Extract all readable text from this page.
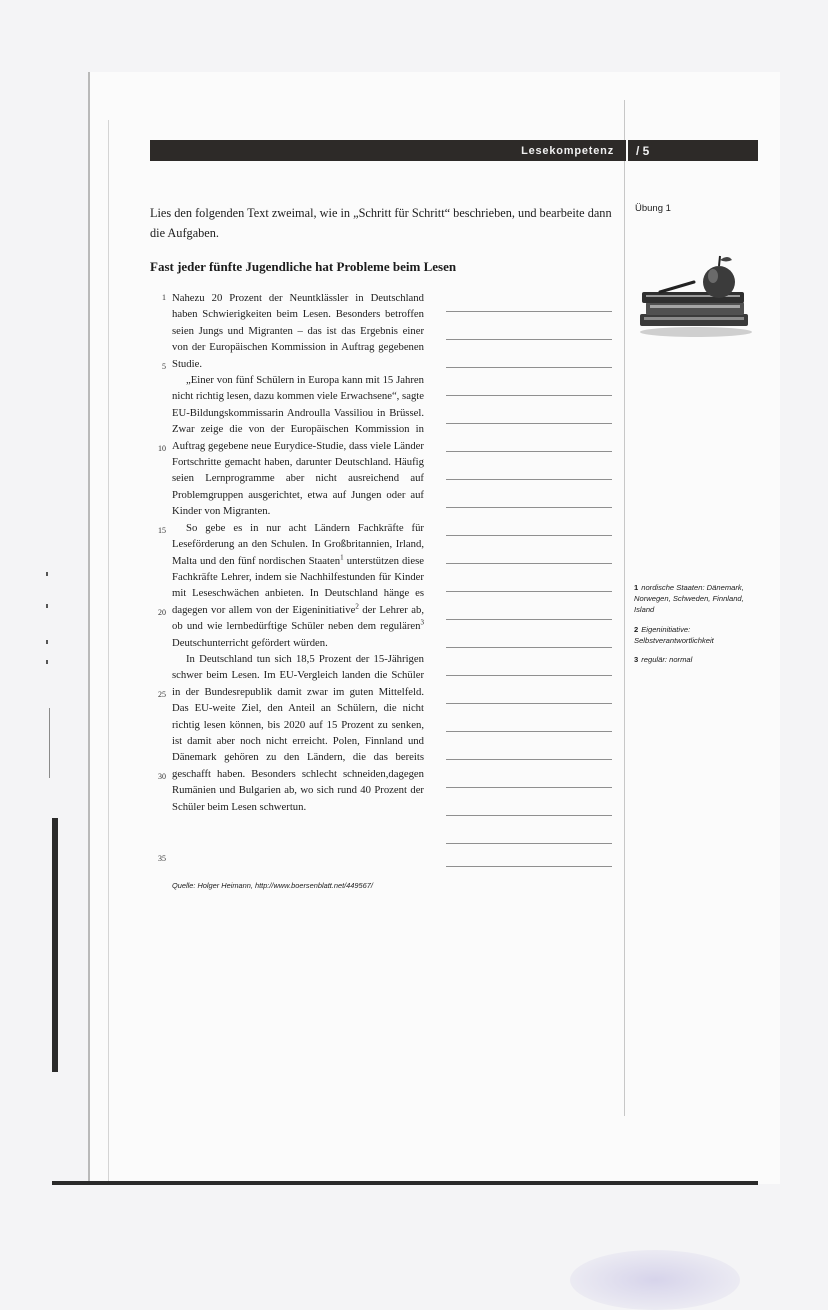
Lesekompetenz	/ 5
Lies den folgenden Text zweimal, wie in „Schritt für Schritt“ beschrieben, und bearbeite dann die Aufgaben.
Übung 1
Fast jeder fünfte Jugendliche hat Probleme beim Lesen

Nahezu 20 Prozent der Neuntklässler in Deutschland haben Schwierigkeiten beim Lesen. Besonders betroffen seien Jungs und Migranten – das ist das Ergebnis einer von der Europäischen Kommission in Auftrag gegebenen Studie.

„Einer von fünf Schülern in Europa kann mit 15 Jahren nicht richtig lesen, dazu kommen viele Erwachsene“, sagte EU-Bildungskommissarin Androulla Vassiliou in Brüssel. Zwar zeige die von der Europäischen Kommission in Auftrag gegebene neue Eurydice-Studie, dass viele Länder Fortschritte gemacht haben, darunter Deutschland. Häufig seien Lernprogramme aber nicht ausreichend auf Problemgruppen ausgerichtet, etwa auf Jungen oder auf Kinder von Migranten.

So gebe es in nur acht Ländern Fachkräfte für Leseförderung an den Schulen. In Großbritannien, Irland, Malta und den fünf nordischen Staaten$^1$ unterstützen diese Fachkräfte Lehrer, indem sie Nachhilfestunden für Kinder mit Leseschwächen anbieten. In Deutschland hänge es dagegen vor allem von der Eigeninitiative$^2$ der Lehrer ab, ob und wie lernbedürftige Schüler neben dem regulären$^3$ Deutschunterricht gefördert würden.

In Deutschland tun sich 18,5 Prozent der 15-Jährigen schwer beim Lesen. Im EU-Vergleich landen die Schüler in der Bundesrepublik damit zwar im guten Mittelfeld. Das EU-weite Ziel, den Anteil an Schülern, die nicht richtig lesen können, bis 2020 auf 15 Prozent zu senken, ist damit aber noch nicht erreicht. Polen, Finnland und Dänemark gehören zu den Ländern, die das bereits geschafft haben. Besonders schlecht schneiden,dagegen Rumänien und Bulgarien ab, wo sich rund 40 Prozent der Schüler beim Lesen schwertun.

1
5
10
15
20
25
30
35
Quelle: Holger Heimann, http://www.boersenblatt.net/449567/
1 nordische Staaten: Dänemark, Norwegen, Schweden, Finnland, Island
2 Eigeninitiative: Selbstverantwortlichkeit
3 regulär: normal
